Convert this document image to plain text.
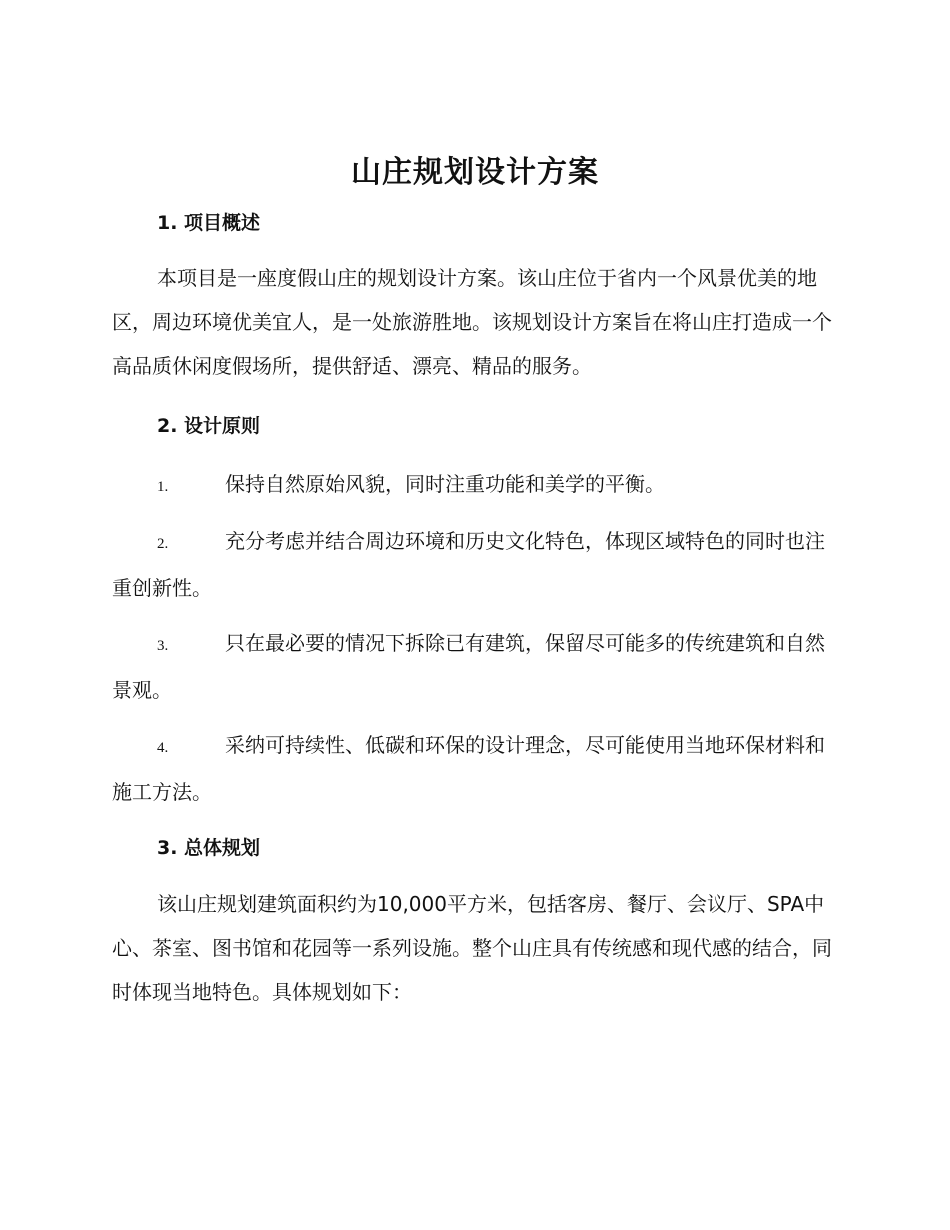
山庄规划设计方案
1. 项目概述

本项目是一座度假山庄的规划设计方案。该山庄位于省内一个风景优美的地区，周边环境优美宜人，是一处旅游胜地。该规划设计方案旨在将山庄打造成一个高品质休闲度假场所，提供舒适、漂亮、精品的服务。

2. 设计原则

1.	保持自然原始风貌，同时注重功能和美学的平衡。

2.	充分考虑并结合周边环境和历史文化特色，体现区域特色的同时也注重创新性。

3.	只在最必要的情况下拆除已有建筑，保留尽可能多的传统建筑和自然景观。

4.	采纳可持续性、低碳和环保的设计理念，尽可能使用当地环保材料和施工方法。

3. 总体规划

该山庄规划建筑面积约为10,000平方米，包括客房、餐厅、会议厅、SPA中心、茶室、图书馆和花园等一系列设施。整个山庄具有传统感和现代感的结合，同时体现当地特色。具体规划如下：
